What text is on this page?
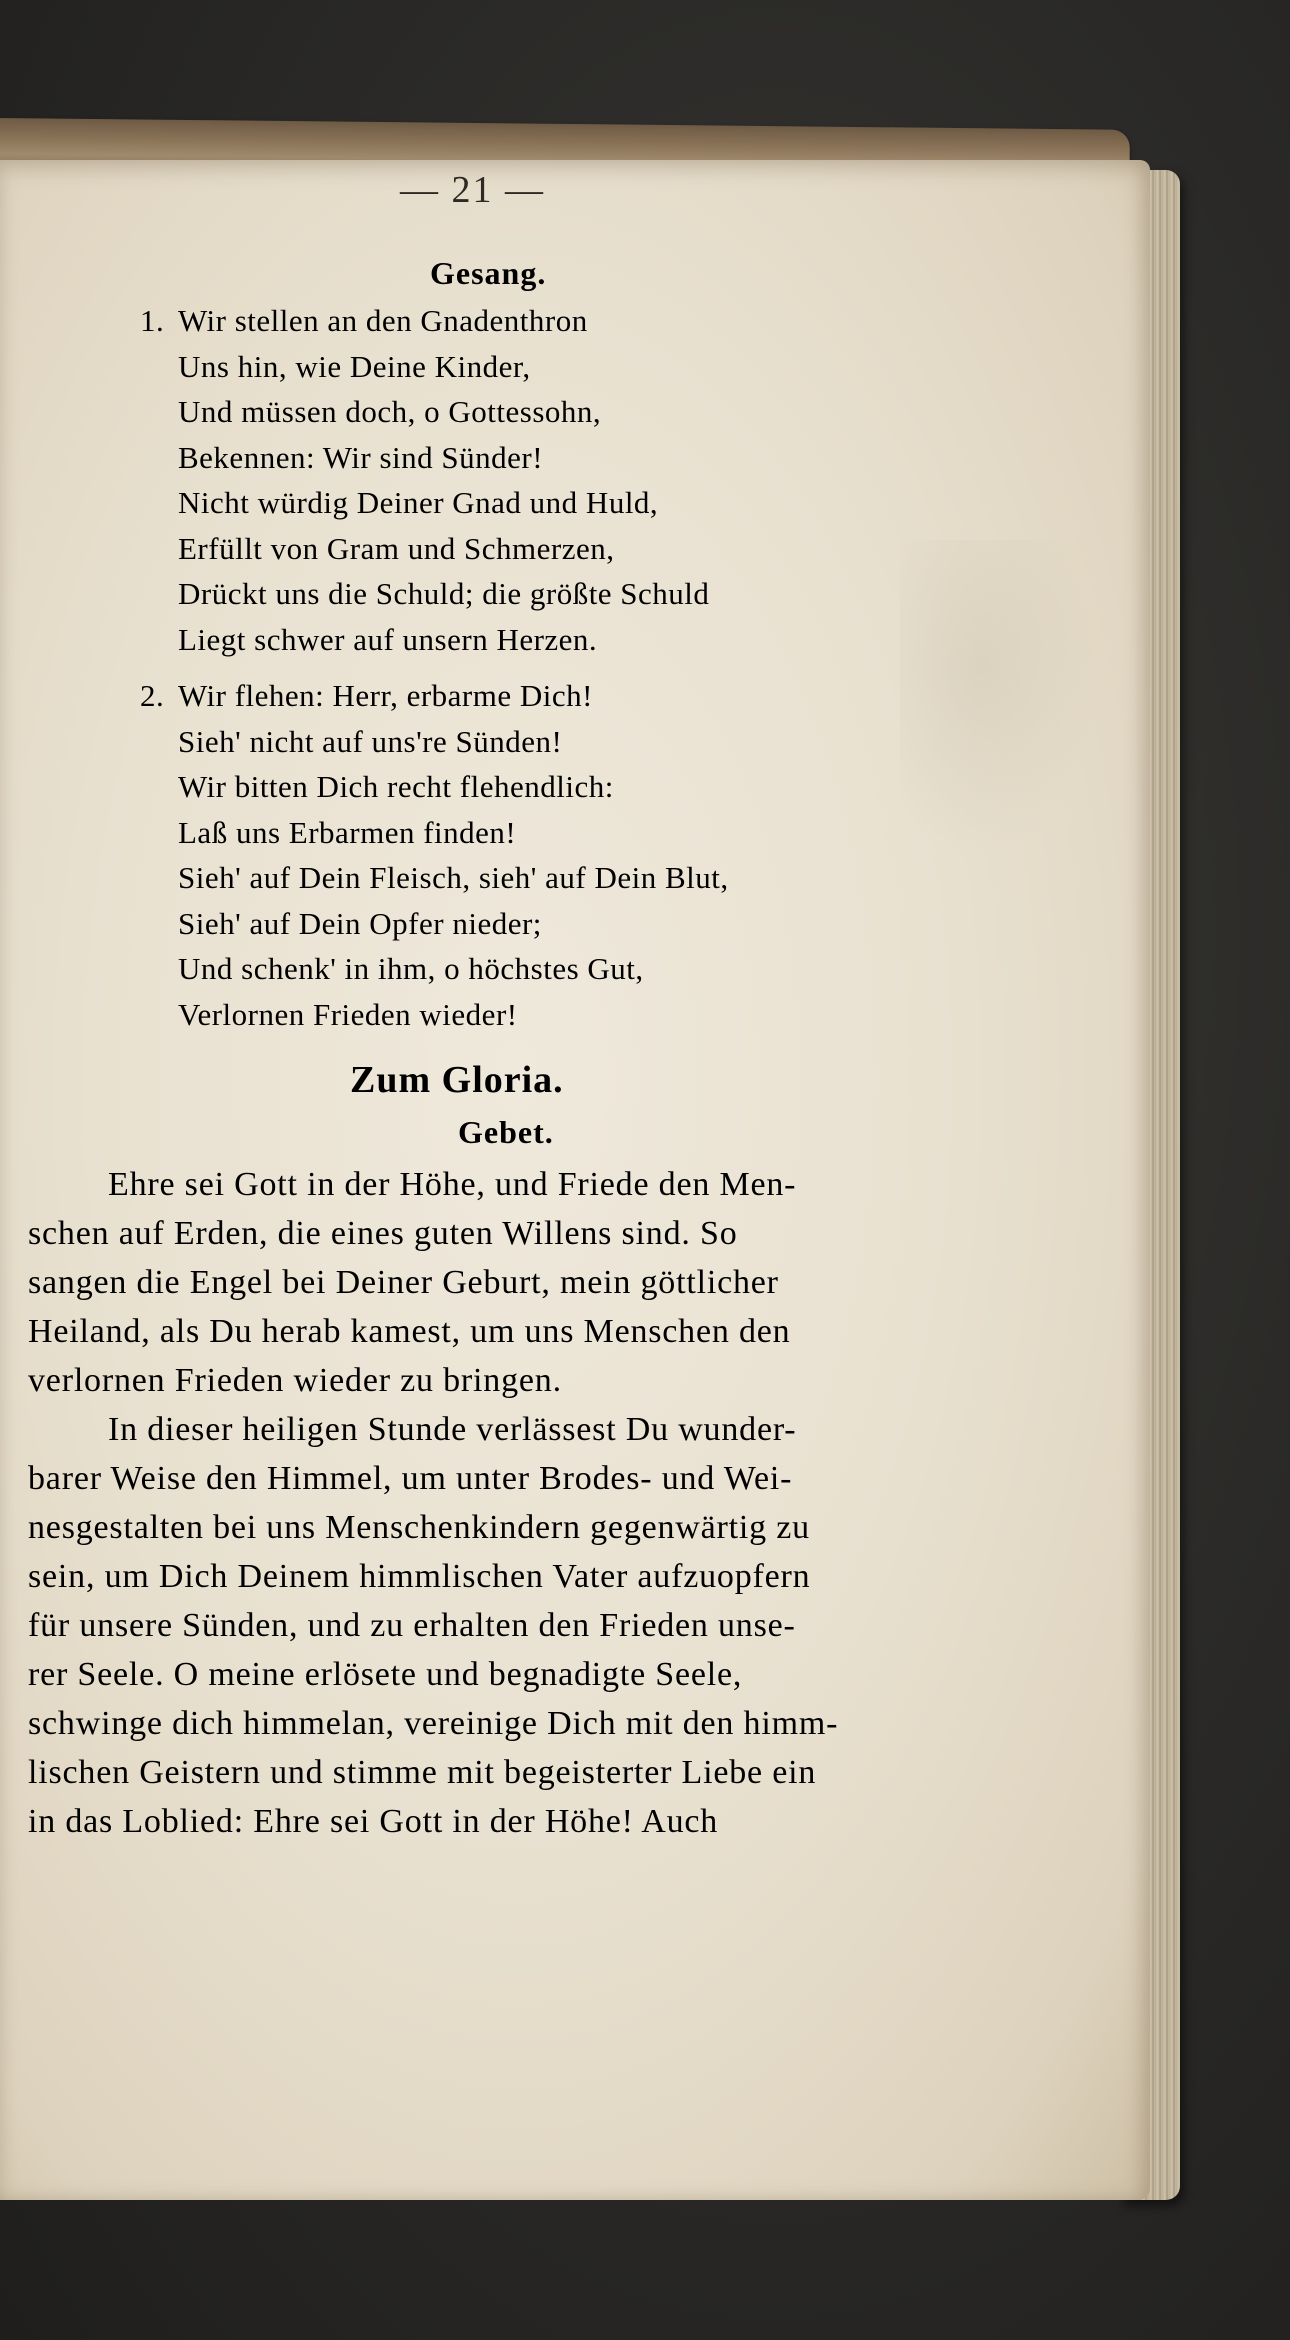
— 21 —
Gesang.
1. Wir stellen an den Gnadenthron
Uns hin, wie Deine Kinder,
Und müssen doch, o Gottessohn,
Bekennen: Wir sind Sünder!
Nicht würdig Deiner Gnad und Huld,
Erfüllt von Gram und Schmerzen,
Drückt uns die Schuld; die größte Schuld
Liegt schwer auf unsern Herzen.
2. Wir flehen: Herr, erbarme Dich!
Sieh' nicht auf uns're Sünden!
Wir bitten Dich recht flehendlich:
Laß uns Erbarmen finden!
Sieh' auf Dein Fleisch, sieh' auf Dein Blut,
Sieh' auf Dein Opfer nieder;
Und schenk' in ihm, o höchstes Gut,
Verlornen Frieden wieder!
Zum Gloria.
Gebet.
Ehre sei Gott in der Höhe, und Friede den Men-
schen auf Erden, die eines guten Willens sind. So
sangen die Engel bei Deiner Geburt, mein göttlicher
Heiland, als Du herab kamest, um uns Menschen den
verlornen Frieden wieder zu bringen.
In dieser heiligen Stunde verlässest Du wunder-
barer Weise den Himmel, um unter Brodes- und Wei-
nesgestalten bei uns Menschenkindern gegenwärtig zu
sein, um Dich Deinem himmlischen Vater aufzuopfern
für unsere Sünden, und zu erhalten den Frieden unse-
rer Seele. O meine erlösete und begnadigte Seele,
schwinge dich himmelan, vereinige Dich mit den himm-
lischen Geistern und stimme mit begeisterter Liebe ein
in das Loblied: Ehre sei Gott in der Höhe! Auch
